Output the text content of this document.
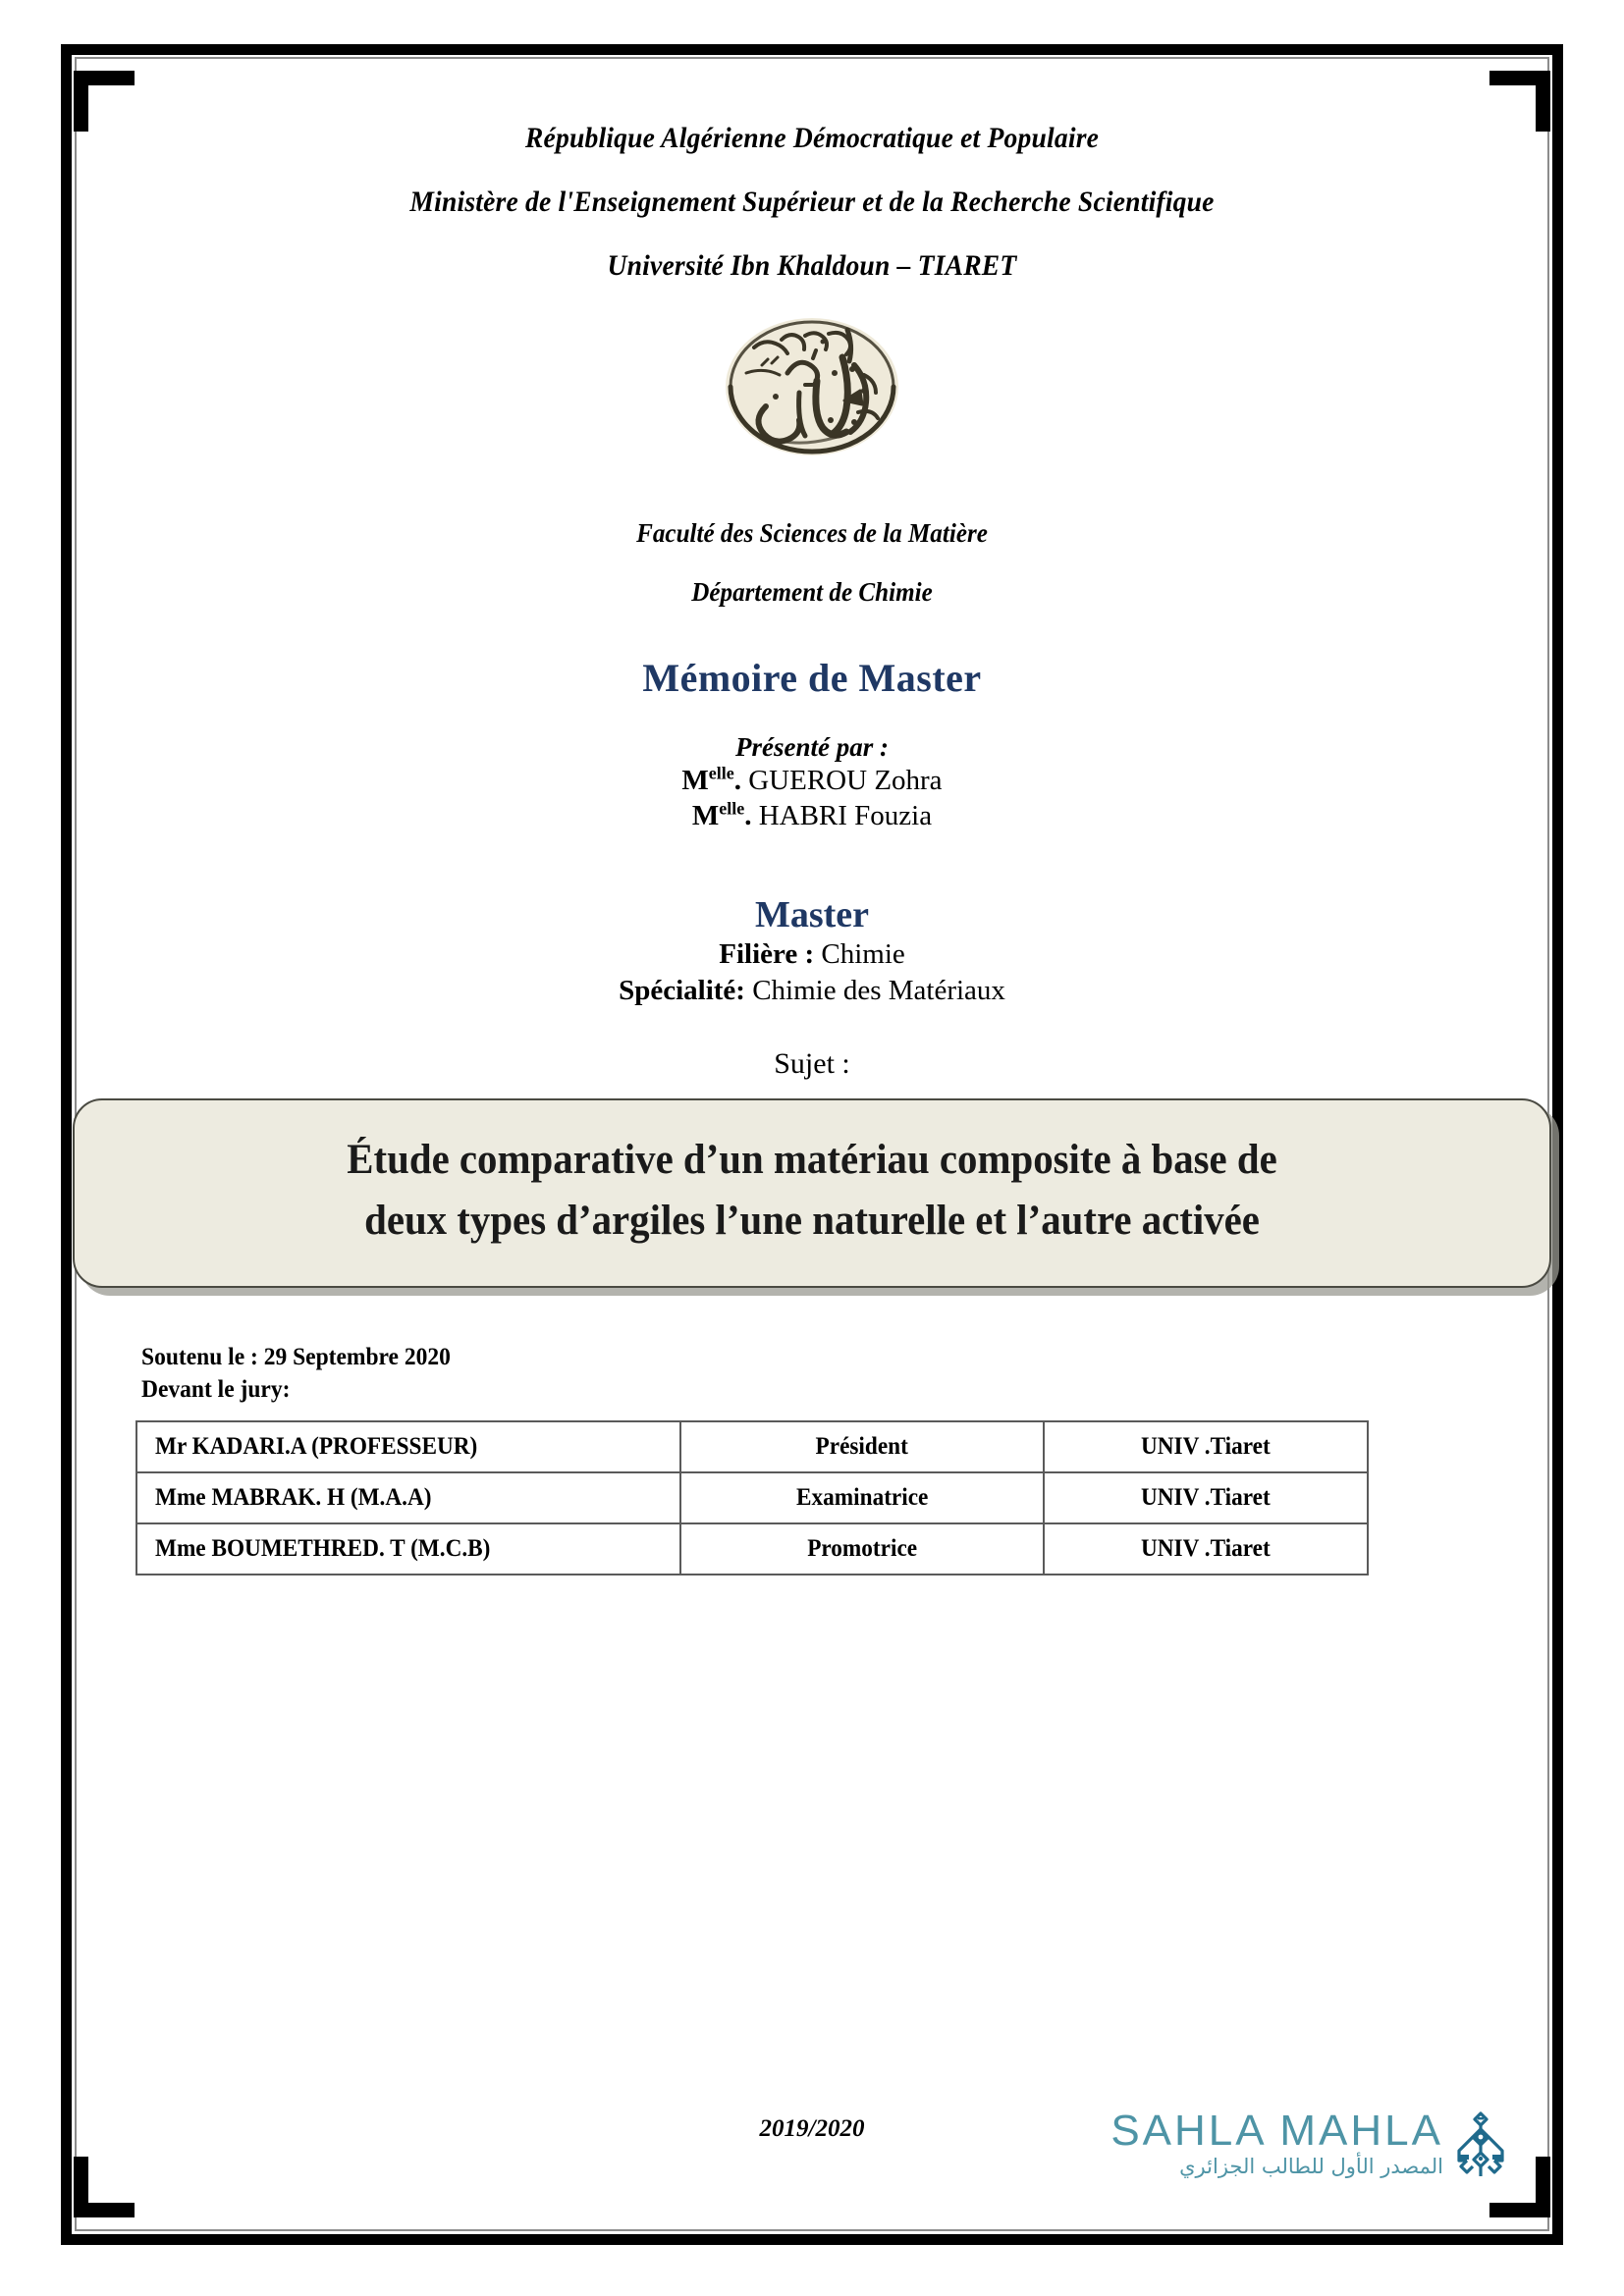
République Algérienne Démocratique et Populaire
Ministère de l'Enseignement Supérieur et de la Recherche Scientifique
Université Ibn Khaldoun – TIARET
Faculté des Sciences de la Matière
Département de Chimie
Mémoire de Master
Présenté par :
$M^{elle}$. GUEROU Zohra
$M^{elle}$. HABRI Fouzia
Master
Filière : Chimie
Spécialité: Chimie des Matériaux
Sujet :
Étude comparative d’un matériau composite à base de
deux types d’argiles l’une naturelle et l’autre activée
Soutenu le : 29 Septembre 2020
Devant le jury:
Mr KADARI.A (PROFESSEUR)	Président	UNIV .Tiaret
Mme MABRAK. H (M.A.A)	Examinatrice	UNIV .Tiaret
Mme BOUMETHRED. T (M.C.B)	Promotrice	UNIV .Tiaret
2019/2020	SAHLA MAHLA
المصدر الأول للطالب الجزائري
